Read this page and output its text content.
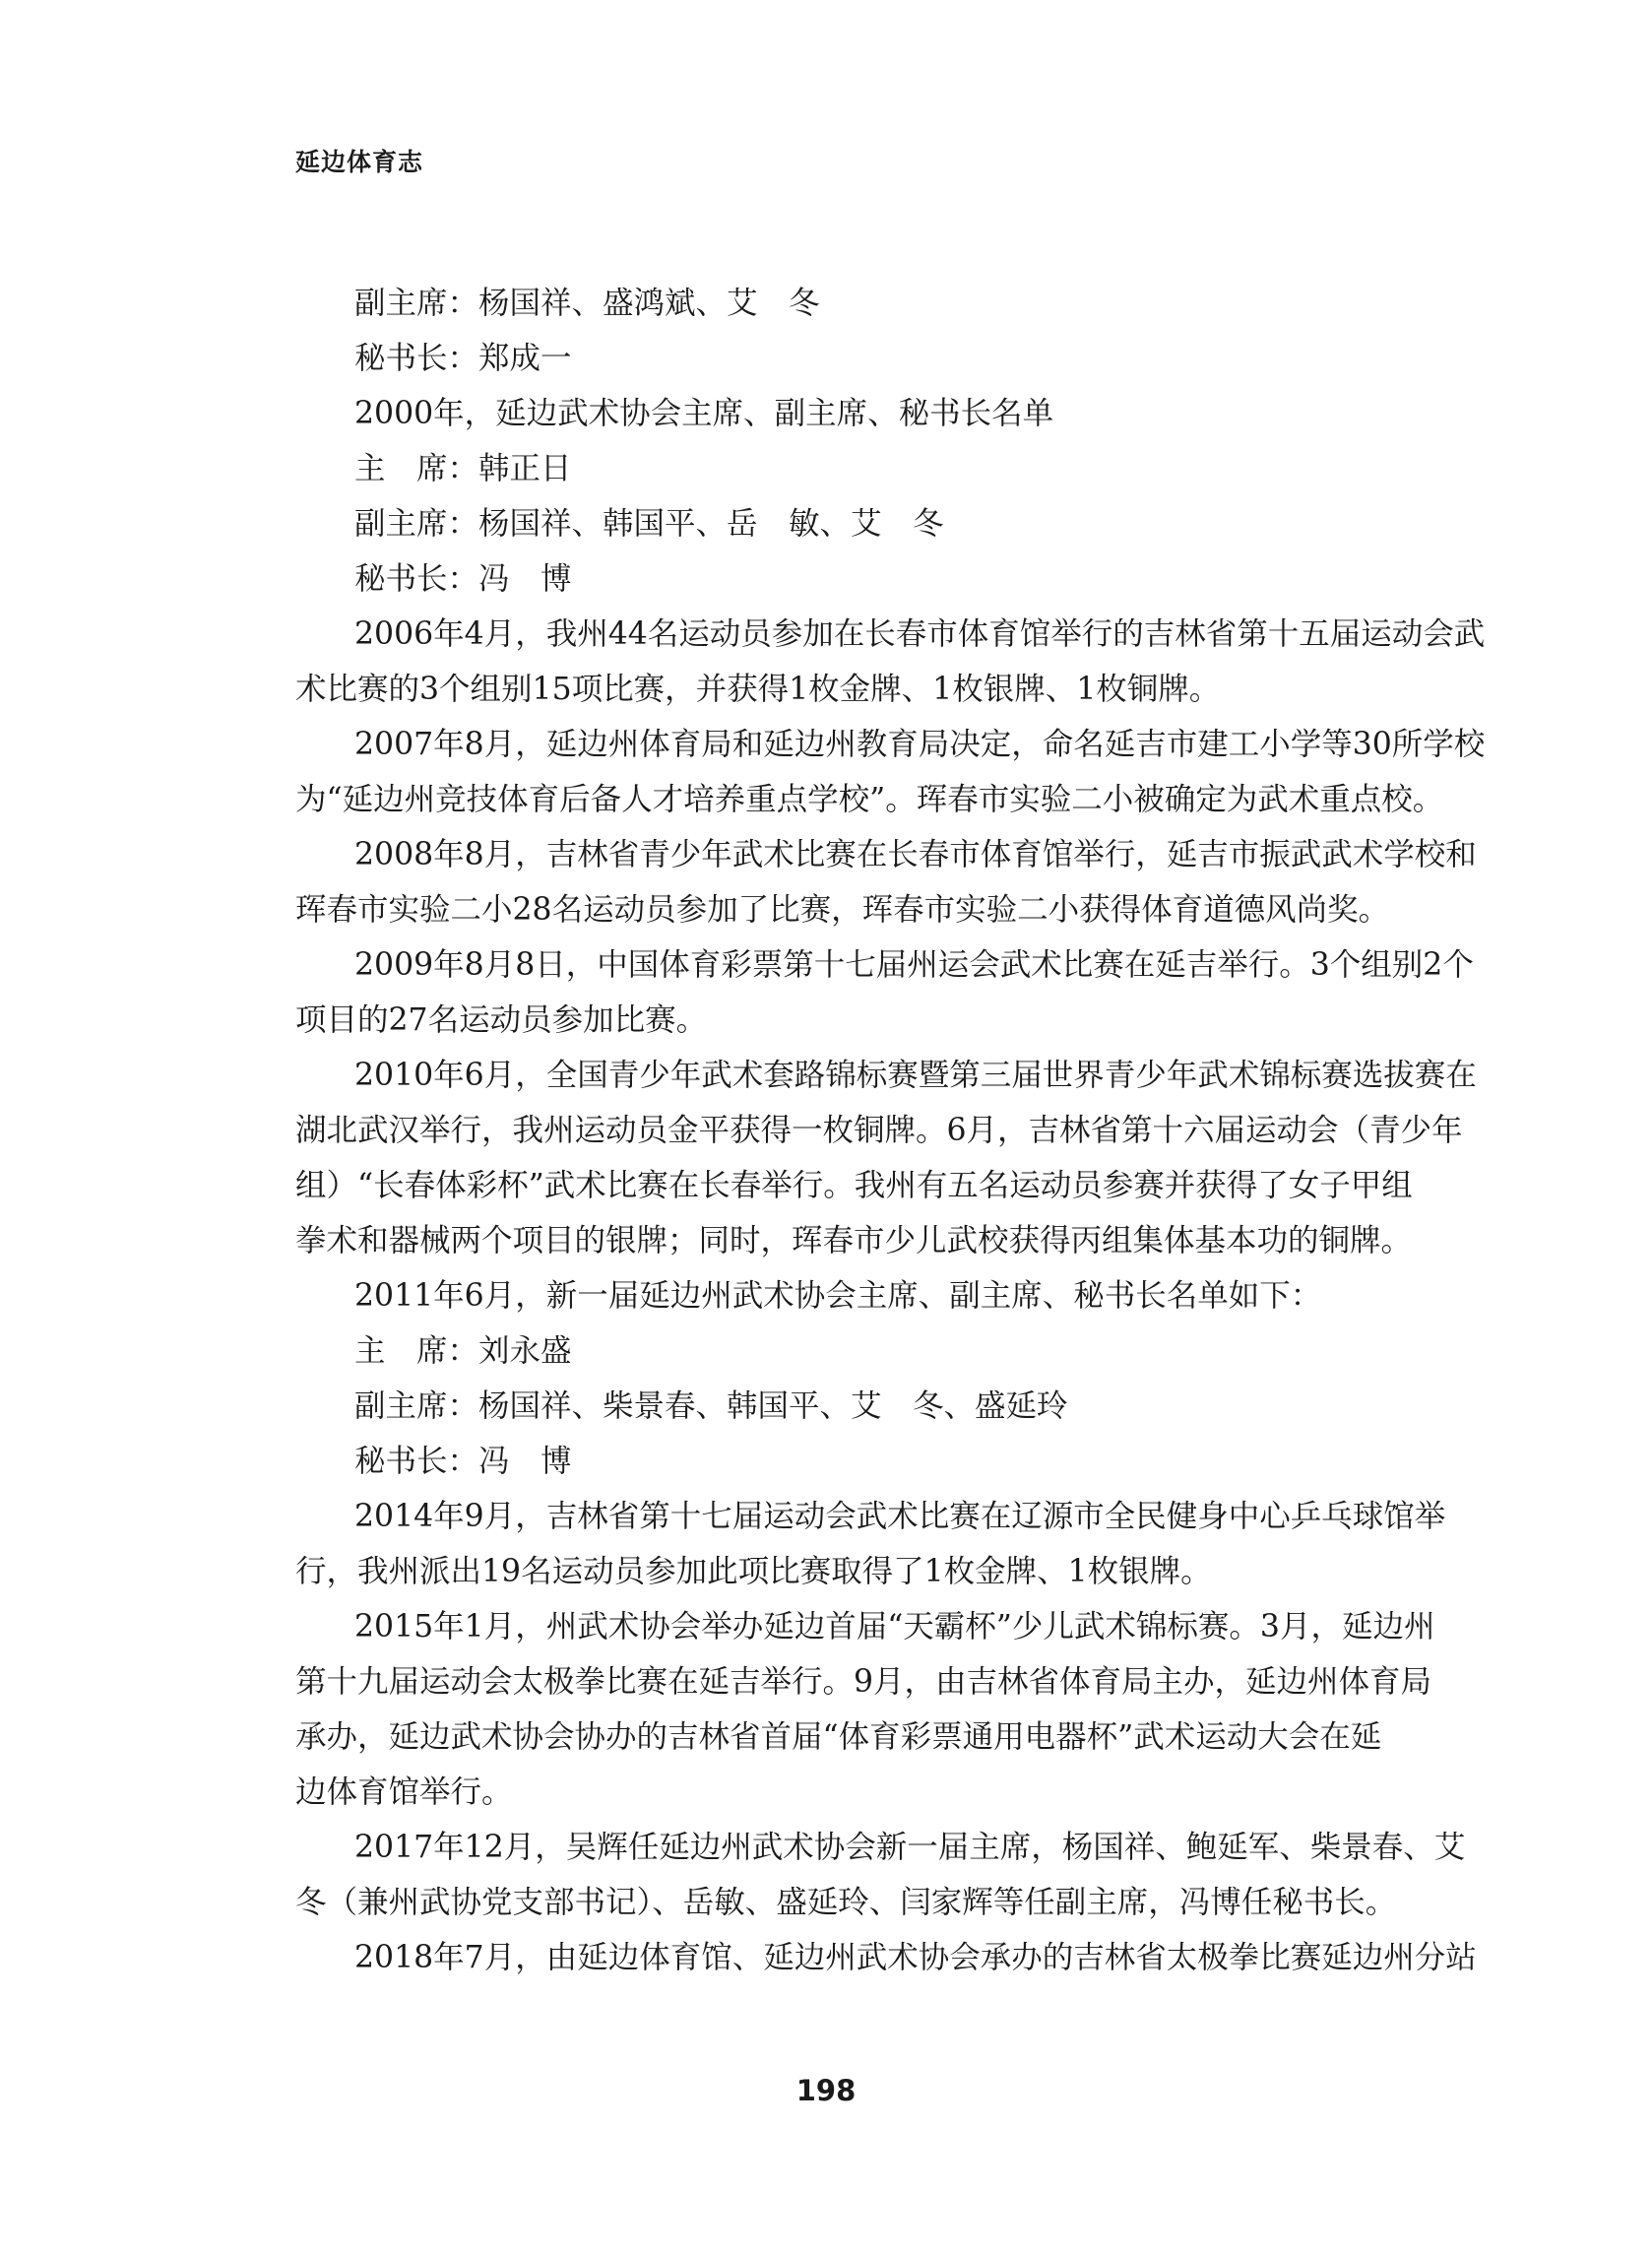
延边体育志
副主席：杨国祥、盛鸿斌、艾　冬
秘书长：郑成一
2000年，延边武术协会主席、副主席、秘书长名单
主　席：韩正日
副主席：杨国祥、韩国平、岳　敏、艾　冬
秘书长：冯　博
2006年4月，我州44名运动员参加在长春市体育馆举行的吉林省第十五届运动会武
术比赛的3个组别15项比赛，并获得1枚金牌、1枚银牌、1枚铜牌。
2007年8月，延边州体育局和延边州教育局决定，命名延吉市建工小学等30所学校
为“延边州竞技体育后备人才培养重点学校”。珲春市实验二小被确定为武术重点校。
2008年8月，吉林省青少年武术比赛在长春市体育馆举行，延吉市振武武术学校和
珲春市实验二小28名运动员参加了比赛，珲春市实验二小获得体育道德风尚奖。
2009年8月8日，中国体育彩票第十七届州运会武术比赛在延吉举行。3个组别2个
项目的27名运动员参加比赛。
2010年6月，全国青少年武术套路锦标赛暨第三届世界青少年武术锦标赛选拔赛在
湖北武汉举行，我州运动员金平获得一枚铜牌。6月，吉林省第十六届运动会（青少年
组）“长春体彩杯”武术比赛在长春举行。我州有五名运动员参赛并获得了女子甲组
拳术和器械两个项目的银牌；同时，珲春市少儿武校获得丙组集体基本功的铜牌。
2011年6月，新一届延边州武术协会主席、副主席、秘书长名单如下：
主　席：刘永盛
副主席：杨国祥、柴景春、韩国平、艾　冬、盛延玲
秘书长：冯　博
2014年9月，吉林省第十七届运动会武术比赛在辽源市全民健身中心乒乓球馆举
行，我州派出19名运动员参加此项比赛取得了1枚金牌、1枚银牌。
2015年1月，州武术协会举办延边首届“天霸杯”少儿武术锦标赛。3月，延边州
第十九届运动会太极拳比赛在延吉举行。9月，由吉林省体育局主办，延边州体育局
承办，延边武术协会协办的吉林省首届“体育彩票通用电器杯”武术运动大会在延
边体育馆举行。
2017年12月，吴辉任延边州武术协会新一届主席，杨国祥、鲍延军、柴景春、艾
冬（兼州武协党支部书记）、岳敏、盛延玲、闫家辉等任副主席，冯博任秘书长。
2018年7月，由延边体育馆、延边州武术协会承办的吉林省太极拳比赛延边州分站
198
